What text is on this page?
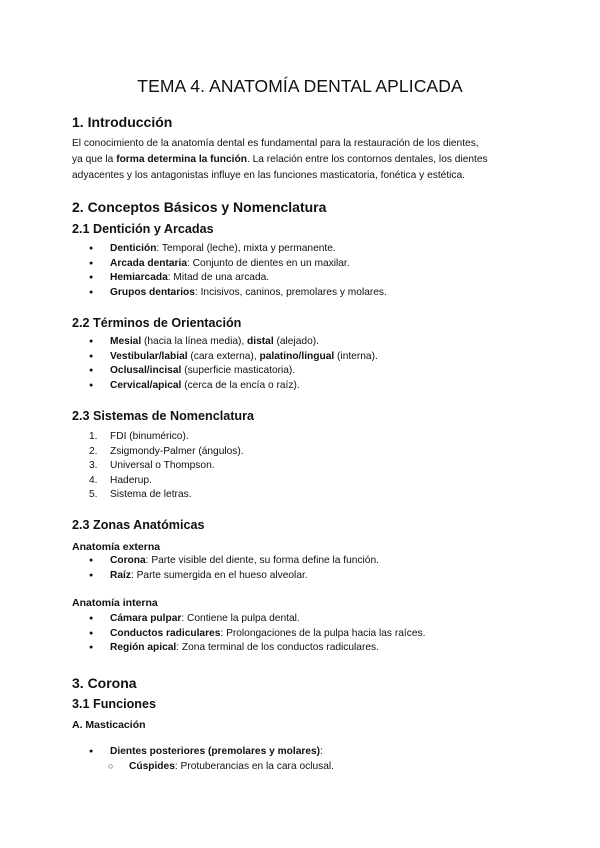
TEMA 4. ANATOMÍA DENTAL APLICADA
1. Introducción
El conocimiento de la anatomía dental es fundamental para la restauración de los dientes,
ya que la forma determina la función. La relación entre los contornos dentales, los dientes
adyacentes y los antagonistas influye en las funciones masticatoria, fonética y estética.
2. Conceptos Básicos y Nomenclatura
2.1 Dentición y Arcadas
● Dentición: Temporal (leche), mixta y permanente.
● Arcada dentaria: Conjunto de dientes en un maxilar.
● Hemiarcada: Mitad de una arcada.
● Grupos dentarios: Incisivos, caninos, premolares y molares.
2.2 Términos de Orientación
● Mesial (hacia la línea media), distal (alejado).
● Vestibular/labial (cara externa), palatino/lingual (interna).
● Oclusal/incisal (superficie masticatoria).
● Cervical/apical (cerca de la encía o raíz).
2.3 Sistemas de Nomenclatura
1. FDI (binumérico).
2. Zsigmondy-Palmer (ángulos).
3. Universal o Thompson.
4. Haderup.
5. Sistema de letras.
2.3 Zonas Anatómicas
Anatomía externa
● Corona: Parte visible del diente, su forma define la función.
● Raíz: Parte sumergida en el hueso alveolar.
Anatomía interna
● Cámara pulpar: Contiene la pulpa dental.
● Conductos radiculares: Prolongaciones de la pulpa hacia las raíces.
● Región apical: Zona terminal de los conductos radiculares.
3. Corona
3.1 Funciones
A. Masticación
● Dientes posteriores (premolares y molares):
○ Cúspides: Protuberancias en la cara oclusal.
